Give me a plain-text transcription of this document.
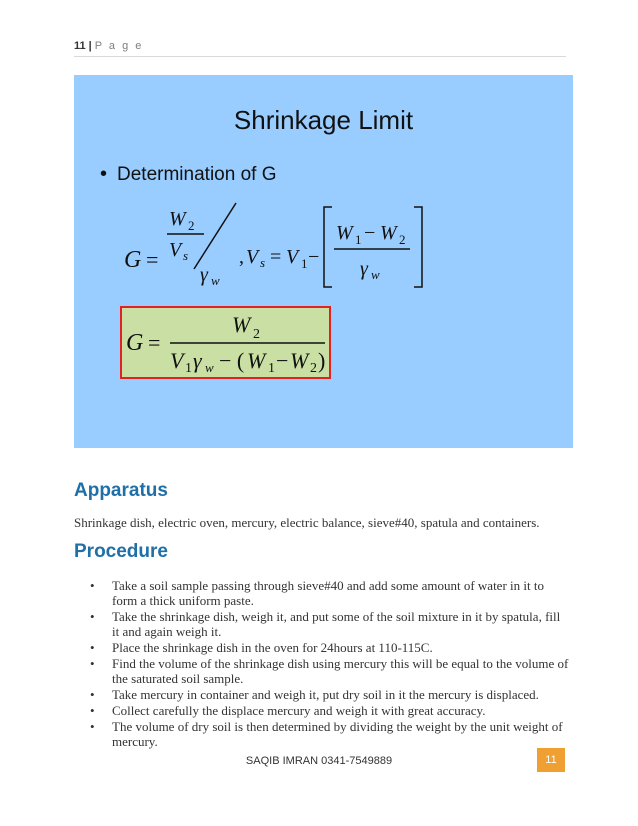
11 | P a g e
Shrinkage Limit
• Determination of G
G =
W 2
V s
γ w
, V s = V 1 −
W 1 − W 2
γ w
G =
W 2
V 1 γ w − ( W 1 − W 2 )
Apparatus
Shrinkage dish, electric oven, mercury, electric balance, sieve#40, spatula and containers.
Procedure
• Take a soil sample passing through sieve#40 and add some amount of water in it to form a thick uniform paste.
• Take the shrinkage dish, weigh it, and put some of the soil mixture in it by spatula, fill it and again weigh it.
• Place the shrinkage dish in the oven for 24hours at 110-115C.
• Find the volume of the shrinkage dish using mercury this will be equal to the volume of the saturated soil sample.
• Take mercury in container and weigh it, put dry soil in it the mercury is displaced.
• Collect carefully the displace mercury and weigh it with great accuracy.
• The volume of dry soil is then determined by dividing the weight by the unit weight of mercury.
SAQIB IMRAN 0341-7549889	11
